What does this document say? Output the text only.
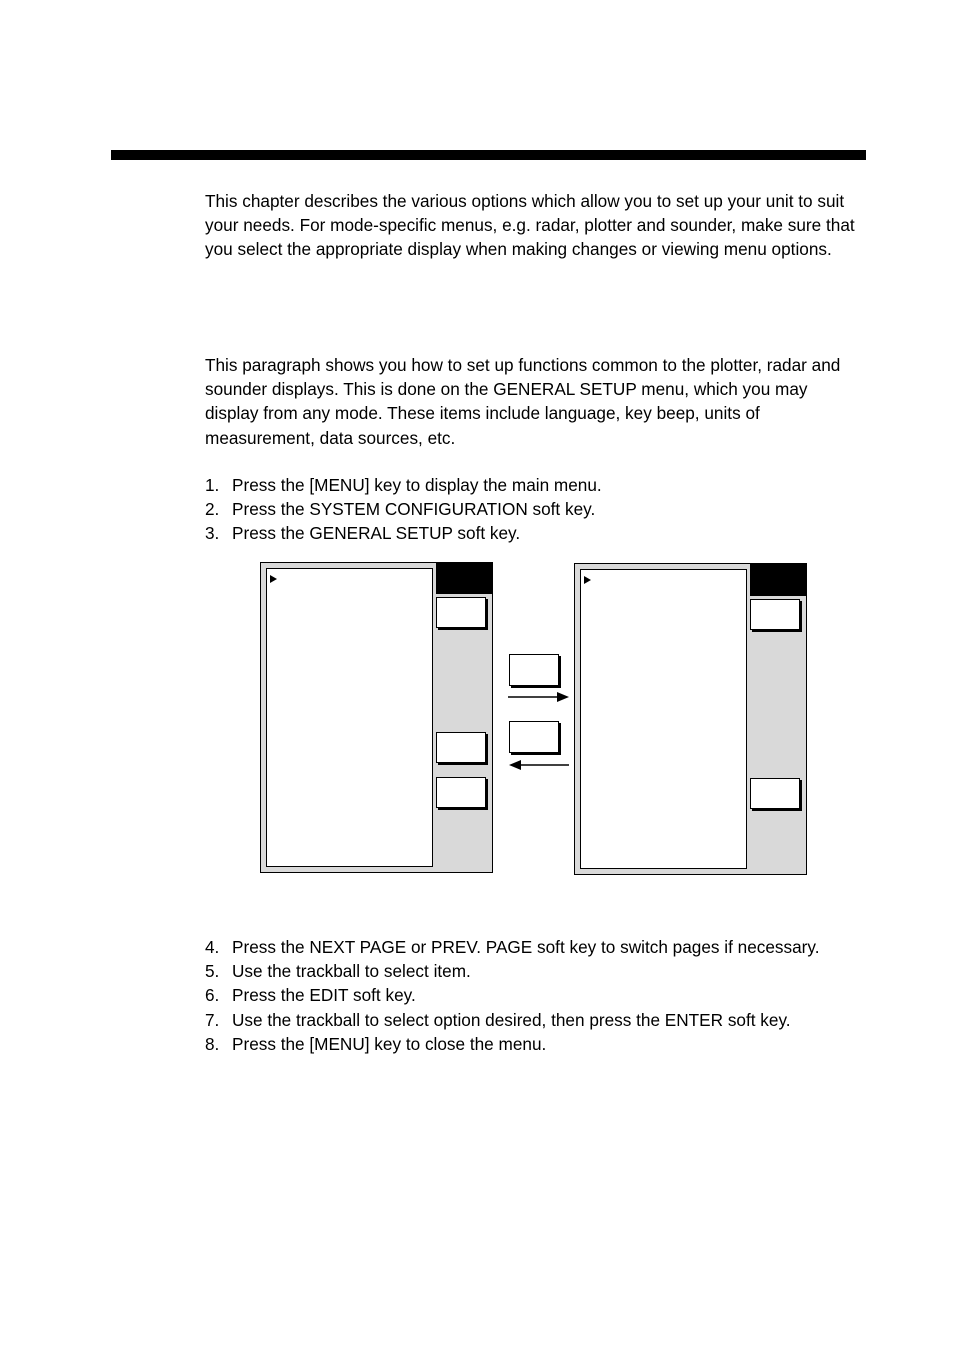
This chapter describes the various options which allow you to set up your unit to suit your needs. For mode-specific menus, e.g. radar, plotter and sounder, make sure that you select the appropriate display when making changes or viewing menu options.

This paragraph shows you how to set up functions common to the plotter, radar and sounder displays. This is done on the GENERAL SETUP menu, which you may display from any mode. These items include language, key beep, units of measurement, data sources, etc.

1. Press the [MENU] key to display the main menu.
2. Press the SYSTEM CONFIGURATION soft key.
3. Press the GENERAL SETUP soft key.
4. Press the NEXT PAGE or PREV. PAGE soft key to switch pages if necessary.
5. Use the trackball to select item.
6. Press the EDIT soft key.
7. Use the trackball to select option desired, then press the ENTER soft key.
8. Press the [MENU] key to close the menu.
